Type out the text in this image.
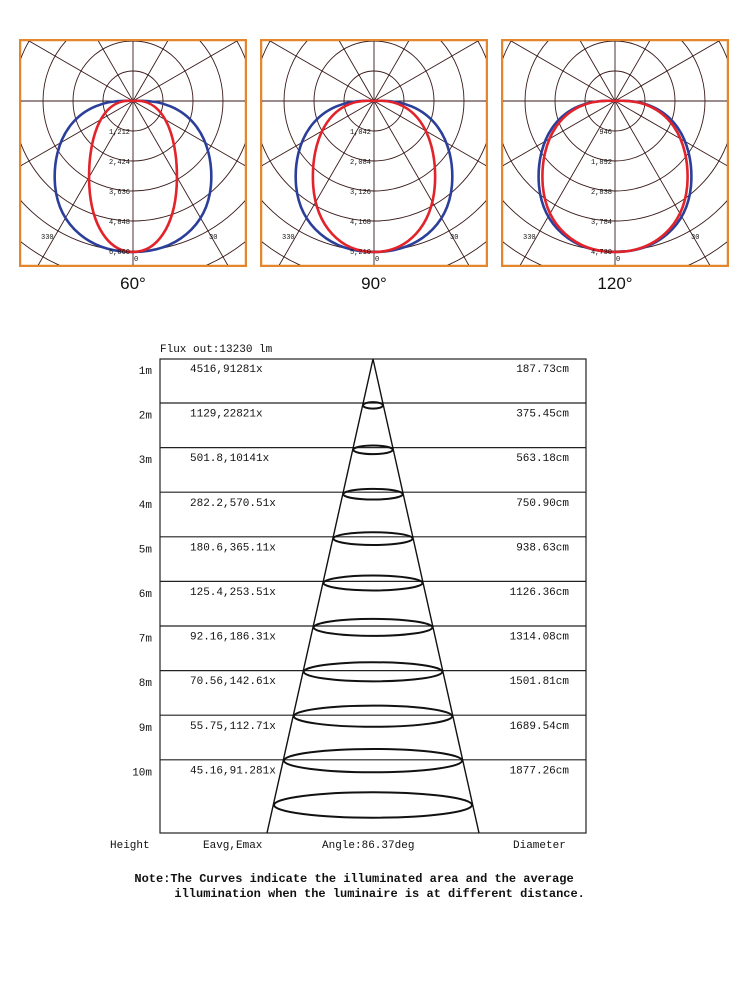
1,212
2,424
3,636
4,848
6,060
330
0
30
60°
1,042
2,084
3,126
4,168
5,210
330
0
30
90°
946
1,892
2,838
3,784
4,730
330
0
30
120°
Flux out:13230 lm
Height	Eavg,Emax	Angle:86.37deg	Diameter
1m	4516,91281x	187.73cm
2m	1129,22821x	375.45cm
3m	501.8,10141x	563.18cm
4m	282.2,570.51x	750.90cm
5m	180.6,365.11x	938.63cm
6m	125.4,253.51x	1126.36cm
7m	92.16,186.31x	1314.08cm
8m	70.56,142.61x	1501.81cm
9m	55.75,112.71x	1689.54cm
10m	45.16,91.281x	1877.26cm

Note:The Curves indicate the illuminated area and the average

illumination when the luminaire is at different distance.
